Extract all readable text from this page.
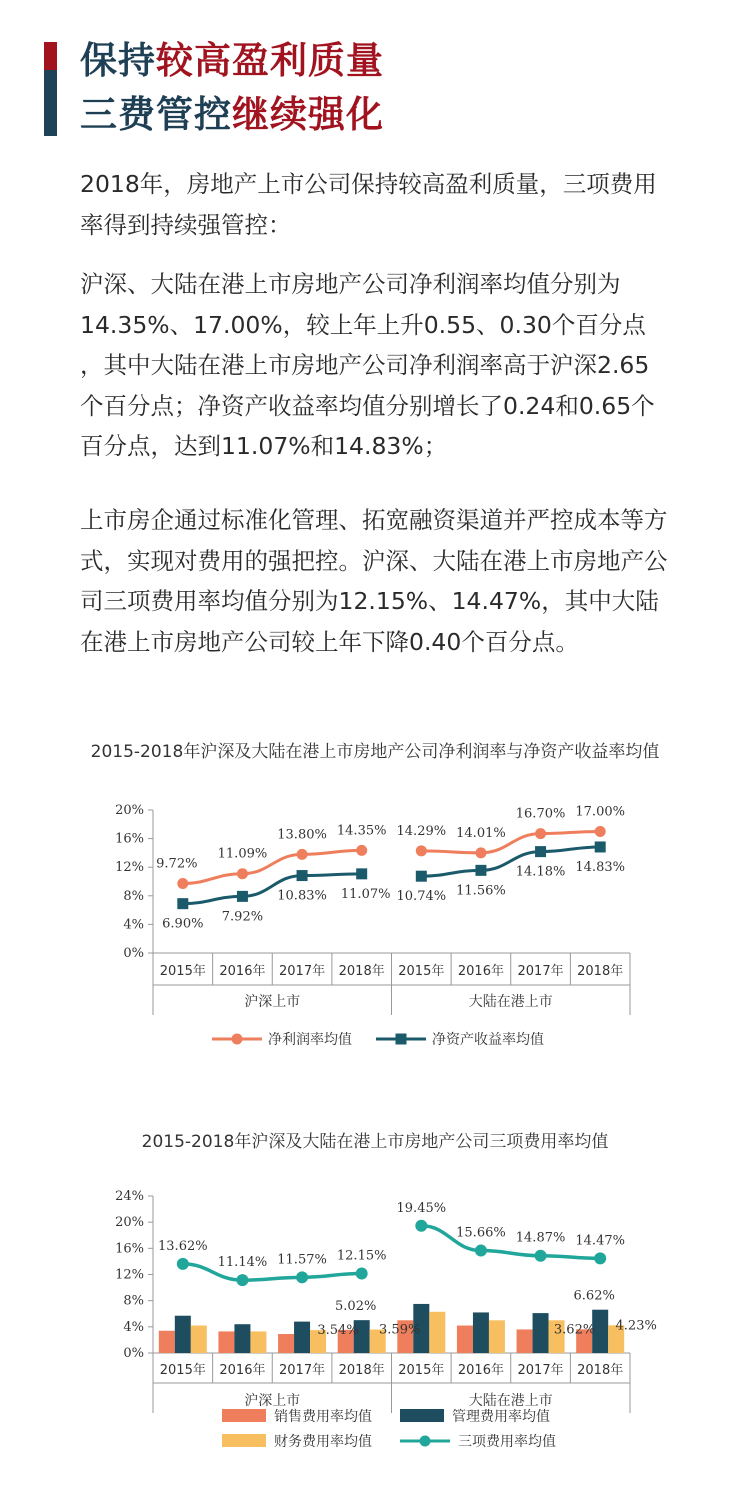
保持较高盈利质量
三费管控继续强化
2018年，房地产上市公司保持较高盈利质量，三项费用
率得到持续强管控：
沪深、大陆在港上市房地产公司净利润率均值分别为
14.35%、17.00%，较上年上升0.55、0.30个百分点
，其中大陆在港上市房地产公司净利润率高于沪深2.65
个百分点；净资产收益率均值分别增长了0.24和0.65个
百分点，达到11.07%和14.83%；
上市房企通过标准化管理、拓宽融资渠道并严控成本等方
式，实现对费用的强把控。沪深、大陆在港上市房地产公
司三项费用率均值分别为12.15%、14.47%，其中大陆
在港上市房地产公司较上年下降0.40个百分点。
2015-2018年沪深及大陆在港上市房地产公司净利润率与净资产收益率均值
0%
4%
8%
12%
16%
20%
2015年 2016年 2017年 2018年 2015年 2016年 2017年 2018年
沪深上市	大陆在港上市
9.72%
11.09%
13.80% 14.35% 14.29% 14.01%
16.70% 17.00%
6.90% 7.92%
10.83% 11.07% 10.74% 11.56%
14.18% 14.83%
净利润率均值	净资产收益率均值
2015-2018年沪深及大陆在港上市房地产公司三项费用率均值
0%
4%
8%
12%
16%
20%
24%
2015年 2016年 2017年 2018年 2015年 2016年 2017年 2018年
沪深上市	大陆在港上市
13.62%
11.14% 11.57% 12.15%
19.45%
15.66% 14.87% 14.47%
3.54%
5.02%
3.59%	3.62%
6.62%
4.23%
销售费用率均值	管理费用率均值
财务费用率均值	三项费用率均值
